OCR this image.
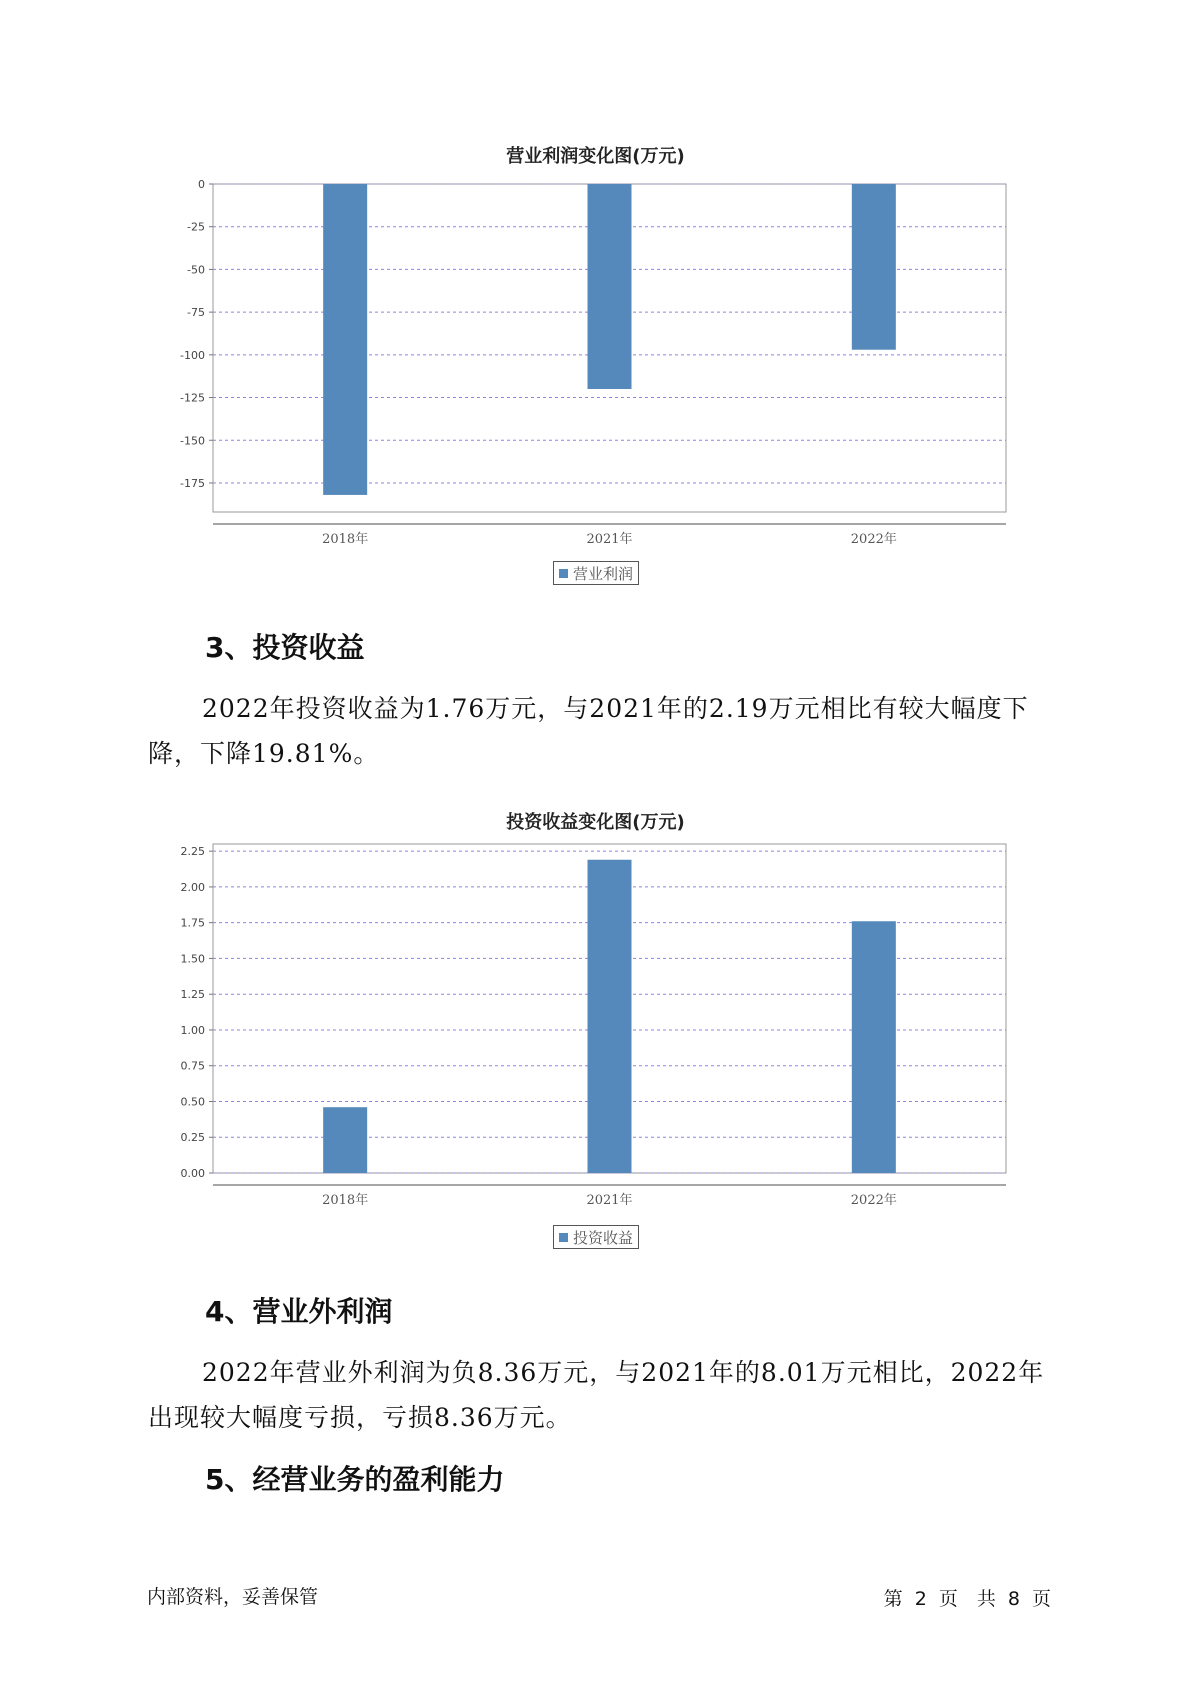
营业利润变化图(万元)
0
-25
-50
-75
-100
-125
-150
-175
2018年	2021年	2022年
营业利润
3、投资收益

2022年投资收益为1.76万元，与2021年的2.19万元相比有较大幅度下降，下降19.81%。

投资收益变化图(万元)
0.00
0.25
0.50
0.75
1.00
1.25
1.50
1.75
2.00
2.25
2018年	2021年	2022年
投资收益
4、营业外利润

2022年营业外利润为负8.36万元，与2021年的8.01万元相比，2022年出现较大幅度亏损，亏损8.36万元。

5、经营业务的盈利能力
内部资料，妥善保管	第 2 页　共 8 页
